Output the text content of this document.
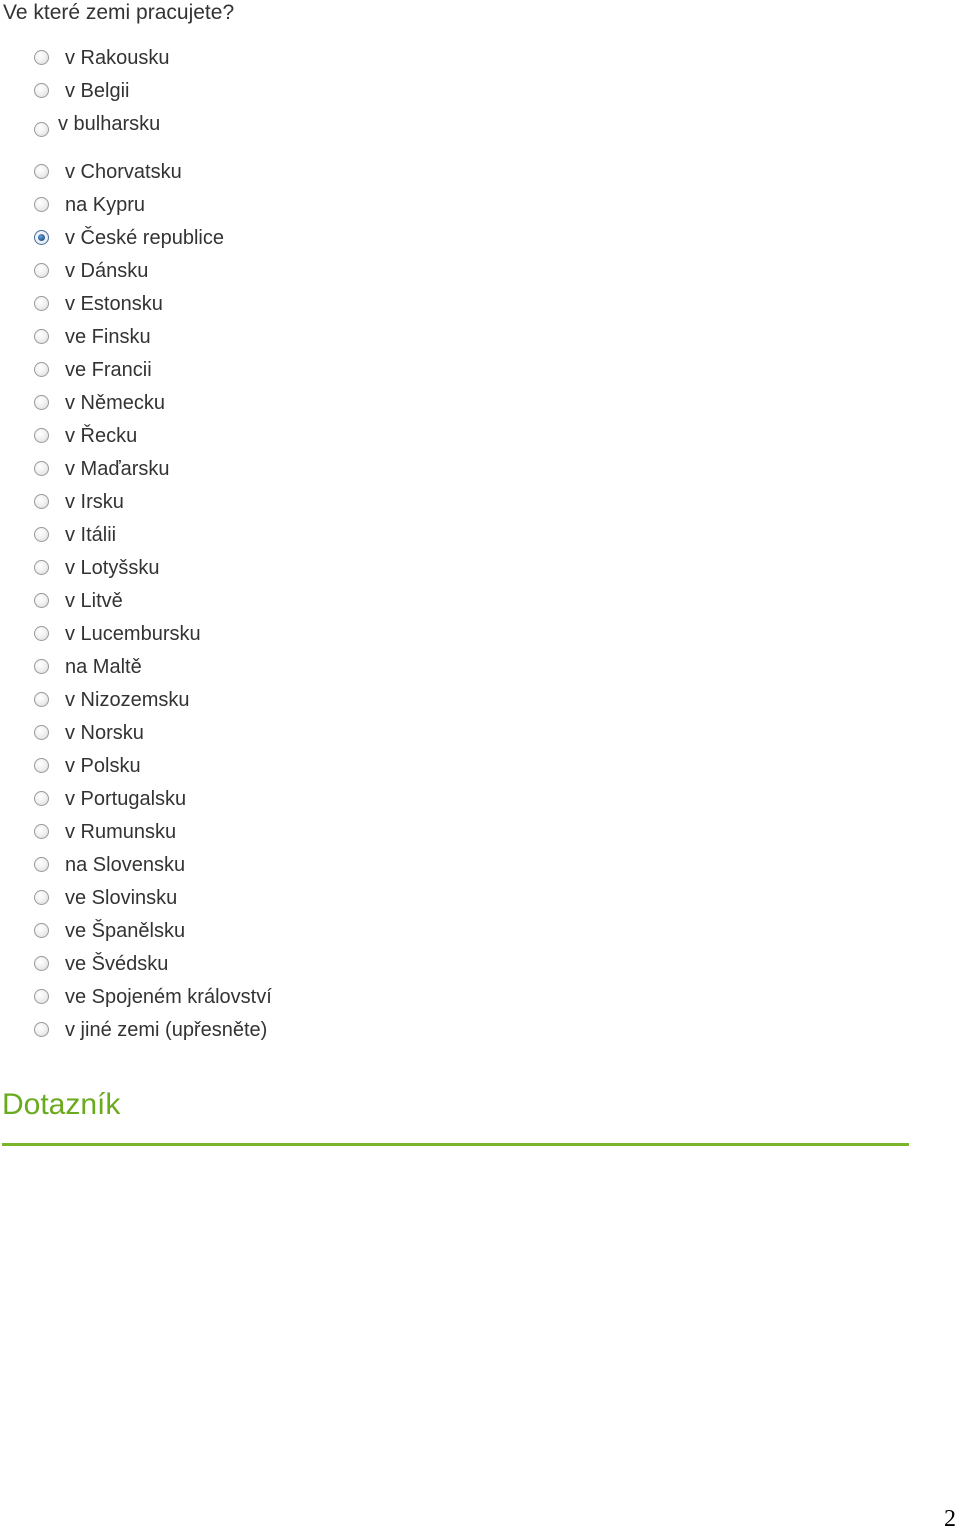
Ve které zemi pracujete?
v Rakousku
v Belgii
v bulharsku
v Chorvatsku
na Kypru
v České republice
v Dánsku
v Estonsku
ve Finsku
ve Francii
v Německu
v Řecku
v Maďarsku
v Irsku
v Itálii
v Lotyšsku
v Litvě
v Lucembursku
na Maltě
v Nizozemsku
v Norsku
v Polsku
v Portugalsku
v Rumunsku
na Slovensku
ve Slovinsku
ve Španělsku
ve Švédsku
ve Spojeném království
v jiné zemi (upřesněte)
Dotazník
2
